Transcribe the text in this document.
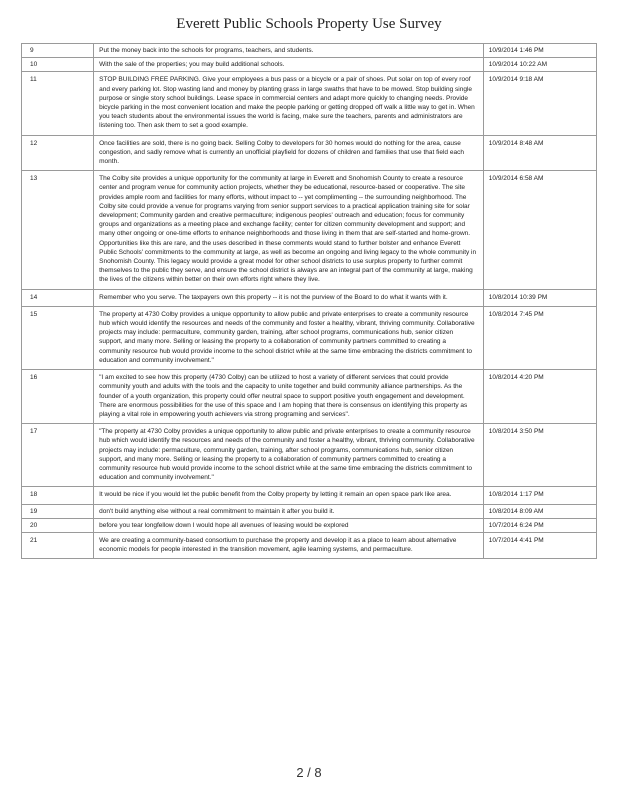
Everett Public Schools Property Use Survey
9	Put the money back into the schools for programs, teachers, and students.	10/9/2014 1:46 PM
10	With the sale of the properties; you may build additional schools.	10/9/2014 10:22 AM
11	STOP BUILDING FREE PARKING. Give your employees a bus pass or a bicycle or a pair of shoes. Put solar on top of every roof and every parking lot. Stop wasting land and money by planting grass in large swaths that have to be mowed. Stop building single purpose or single story school buildings. Lease space in commercial centers and adapt more quickly to changing needs. Provide bicycle parking in the most convenient location and make the people parking or getting dropped off walk a little way to get in. When you teach students about the environmental issues the world is facing, make sure the teachers, parents and administrators are listening too. Then ask them to set a good example.	10/9/2014 9:18 AM
12	Once facilities are sold, there is no going back. Selling Colby to developers for 30 homes would do nothing for the area, cause congestion, and sadly remove what is currently an unofficial playfield for dozens of children and families that use that field each month.	10/9/2014 8:48 AM
13	The Colby site provides a unique opportunity for the community at large in Everett and Snohomish County to create a resource center and program venue for community action projects, whether they be educational, resource-based or cooperative. The site provides ample room and facilities for many efforts, without impact to -- yet complimenting -- the surrounding neighborhood. The Colby site could provide a venue for programs varying from senior support services to a practical application training site for solar development; Community garden and creative permaculture; indigenous peoples' outreach and education; focus for community groups and organizations as a meeting place and exchange facility; center for citizen community development and support; and many other ongoing or one-time efforts to enhance neighborhoods and those living in them that are self-started and home-grown. Opportunities like this are rare, and the uses described in these comments would stand to further bolster and enhance Everett Public Schools' commitments to the community at large, as well as become an ongoing and living legacy to the whole community in Snohomish County. This legacy would provide a great model for other school districts to use surplus property to further commit themselves to the public they serve, and ensure the school district is always are an integral part of the community at large, making the lives of the citizens within better on their own efforts right where they live.	10/9/2014 6:58 AM
14	Remember who you serve. The taxpayers own this property -- it is not the purview of the Board to do what it wants with it.	10/8/2014 10:39 PM
15	The property at 4730 Colby provides a unique opportunity to allow public and private enterprises to create a community resource hub which would identify the resources and needs of the community and foster a healthy, vibrant, thriving community. Collaborative projects may include: permaculture, community garden, training, after school programs, communications hub, senior citizen support, and many more. Selling or leasing the property to a collaboration of community partners committed to creating a community resource hub would provide income to the school district while at the same time embracing the districts commitment to education and community involvement."	10/8/2014 7:45 PM
16	"I am excited to see how this property (4730 Colby) can be utilized to host a variety of different services that could provide community youth and adults with the tools and the capacity to unite together and build community alliance partnerships. As the founder of a youth organization, this property could offer neutral space to support positive youth engagement and development. There are enormous possibilities for the use of this space and I am hoping that there is consensus on identifying this property as playing a vital role in empowering youth achievers via strong programing and services".	10/8/2014 4:20 PM
17	"The property at 4730 Colby provides a unique opportunity to allow public and private enterprises to create a community resource hub which would identify the resources and needs of the community and foster a healthy, vibrant, thriving community. Collaborative projects may include: permaculture, community garden, training, after school programs, communications hub, senior citizen support, and many more. Selling or leasing the property to a collaboration of community partners committed to creating a community resource hub would provide income to the school district while at the same time embracing the districts commitment to education and community involvement."	10/8/2014 3:50 PM
18	It would be nice if you would let the public benefit from the Colby property by letting it remain an open space park like area.	10/8/2014 1:17 PM
19	don't build anything else without a real commitment to maintain it after you build it.	10/8/2014 8:09 AM
20	before you tear longfellow down I would hope all avenues of leasing would be explored	10/7/2014 6:24 PM
21	We are creating a community-based consortium to purchase the property and develop it as a place to learn about alternative economic models for people interested in the transition movement, agile learning systems, and permaculture.	10/7/2014 4:41 PM
2 / 8
